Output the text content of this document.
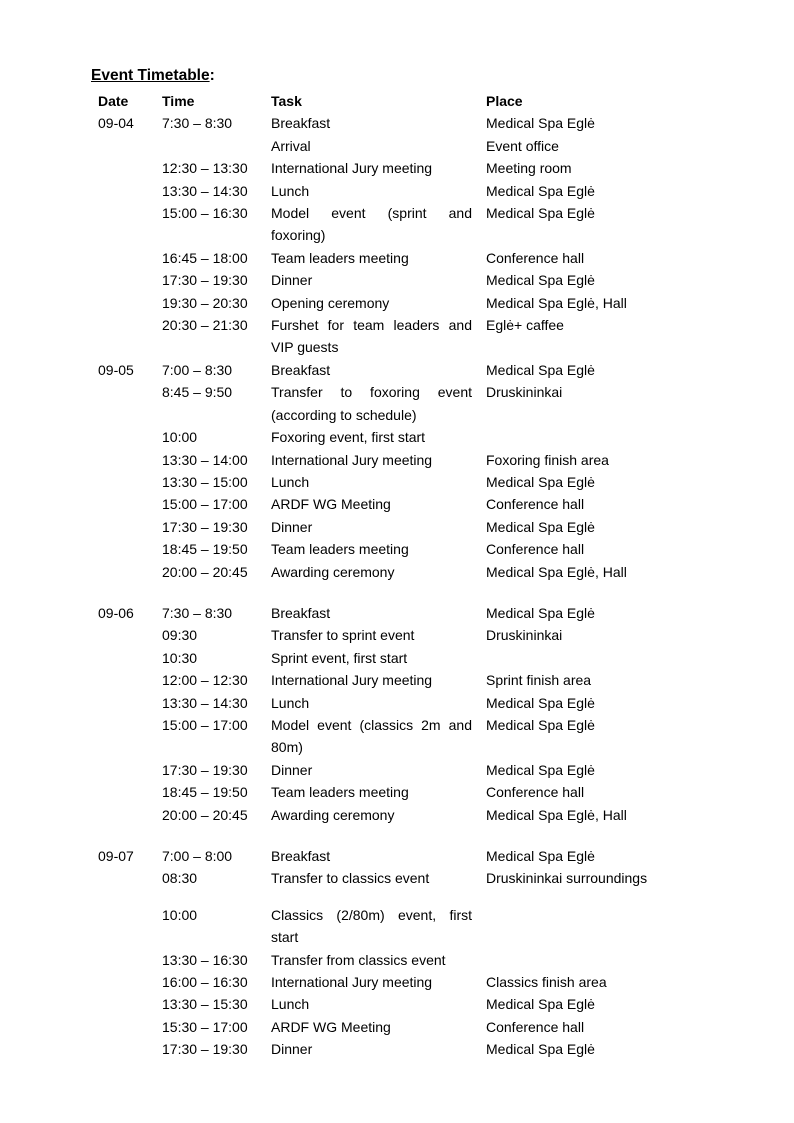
Event Timetable:
Date	Time	Task	Place
09-04	7:30 – 8:30	Breakfast	Medical Spa Eglė
		Arrival	Event office
	12:30 – 13:30	International Jury meeting	Meeting room
	13:30 – 14:30	Lunch	Medical Spa Eglė
	15:00 – 16:30	Model event (sprint and foxoring)	Medical Spa Eglė
	16:45 – 18:00	Team leaders meeting	Conference hall
	17:30 – 19:30	Dinner	Medical Spa Eglė
	19:30 – 20:30	Opening ceremony	Medical Spa Eglė, Hall
	20:30 – 21:30	Furshet for team leaders and VIP guests	Eglė+ caffee
09-05	7:00 – 8:30	Breakfast	Medical Spa Eglė
	8:45 – 9:50	Transfer to foxoring event (according to schedule)	Druskininkai
	10:00	Foxoring event, first start	
	13:30 – 14:00	International Jury meeting	Foxoring finish area
	13:30 – 15:00	Lunch	Medical Spa Eglė
	15:00 – 17:00	ARDF WG Meeting	Conference hall
	17:30 – 19:30	Dinner	Medical Spa Eglė
	18:45 – 19:50	Team leaders meeting	Conference hall
	20:00 – 20:45	Awarding ceremony	Medical Spa Eglė, Hall

09-06	7:30 – 8:30	Breakfast	Medical Spa Eglė
	09:30	Transfer to sprint event	Druskininkai
	10:30	Sprint event, first start	
	12:00 – 12:30	International Jury meeting	Sprint finish area
	13:30 – 14:30	Lunch	Medical Spa Eglė
	15:00 – 17:00	Model event (classics 2m and 80m)	Medical Spa Eglė
	17:30 – 19:30	Dinner	Medical Spa Eglė
	18:45 – 19:50	Team leaders meeting	Conference hall
	20:00 – 20:45	Awarding ceremony	Medical Spa Eglė, Hall

09-07	7:00 – 8:00	Breakfast	Medical Spa Eglė
	08:30	Transfer to classics event	Druskininkai surroundings

	10:00	Classics (2/80m) event, first start	
	13:30 – 16:30	Transfer from classics event	
	16:00 – 16:30	International Jury meeting	Classics finish area
	13:30 – 15:30	Lunch	Medical Spa Eglė
	15:30 – 17:00	ARDF WG Meeting	Conference hall
	17:30 – 19:30	Dinner	Medical Spa Eglė
